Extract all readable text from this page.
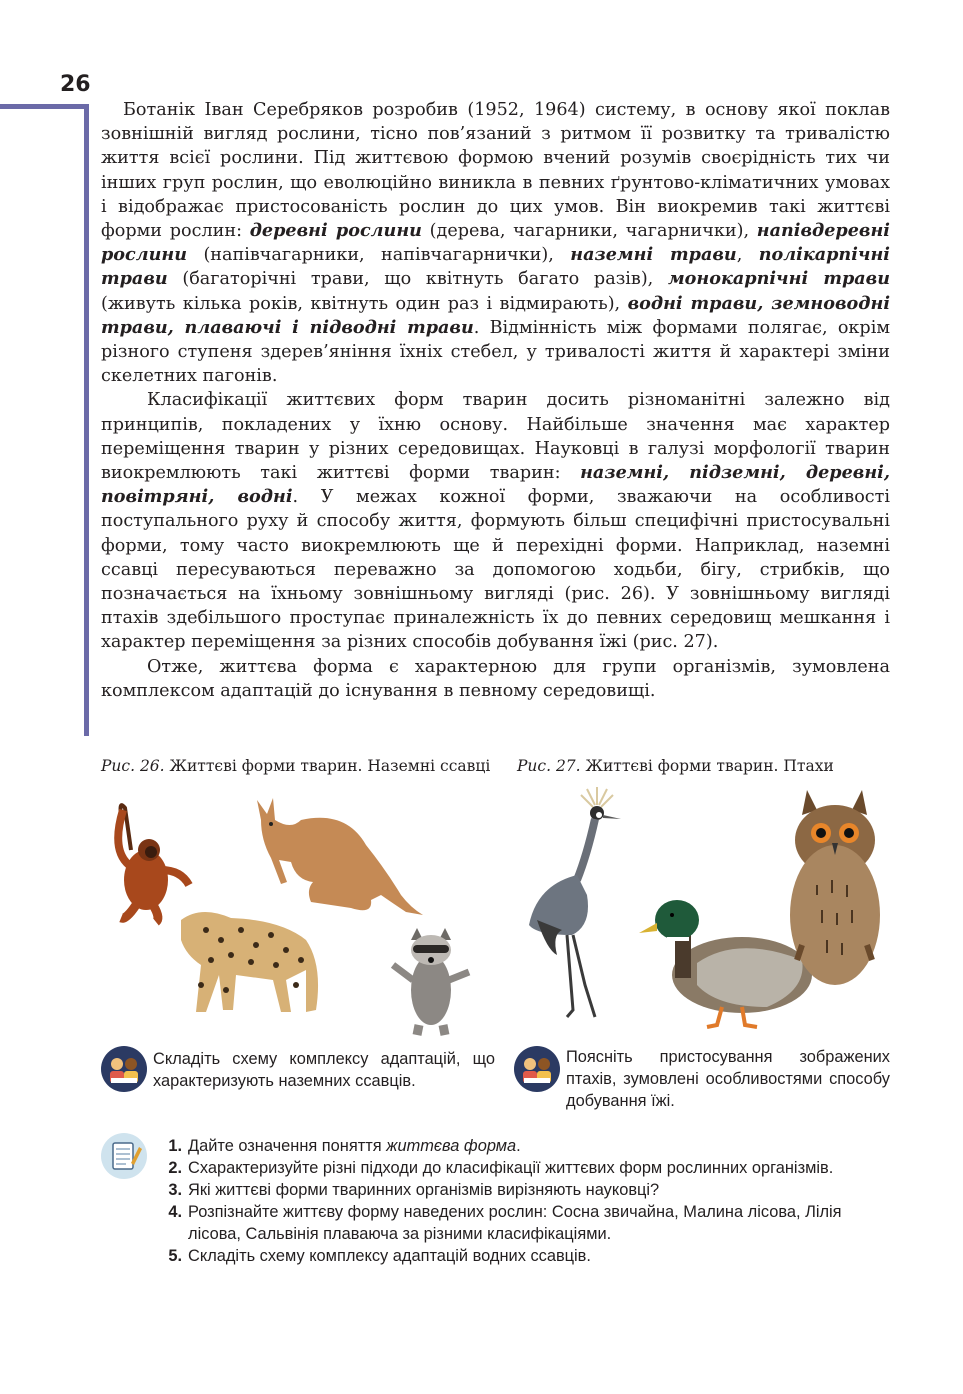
26

Ботанік Іван Серебряков розробив (1952, 1964) систему, в основу якої поклав зовнішній вигляд рослини, тісно пов’язаний з ритмом її розвитку та тривалістю життя всієї рослини. Під життєвою формою вчений розумів своєрідність тих чи інших груп рослин, що еволюційно виникла в певних ґрунтово-кліматичних умовах і відображає пристосованість рослин до цих умов. Він виокремив такі життєві форми рослин: деревні рослини (дерева, чагарники, чагарнички), напівдеревні рослини (напівчагарники, напівчагарнички), наземні трави, полікарпічні трави (багаторічні трави, що квітнуть багато разів), монокарпічні трави (живуть кілька років, квітнуть один раз і відмирають), водні трави, земноводні трави, плаваючі і підводні трави. Відмінність між формами полягає, окрім різного ступеня здерев’яніння їхніх стебел, у тривалості життя й характері зміни скелетних пагонів.

Класифікації життєвих форм тварин досить різноманітні залежно від принципів, покладених у їхню основу. Найбільше значення має характер переміщення тварин у різних середовищах. Науковці в галузі морфології тварин виокремлюють такі життєві форми тварин: наземні, підземні, деревні, повітряні, водні. У межах кожної форми, зважаючи на особливості поступального руху й способу життя, формують більш специфічні пристосувальні форми, тому часто виокремлюють ще й перехідні форми. Наприклад, наземні ссавці пересуваються переважно за допомогою ходьби, бігу, стрибків, що позначається на їхньому зовнішньому вигляді (рис. 26). У зовнішньому вигляді птахів здебільшого проступає приналежність їх до певних середовищ мешкання і характер переміщення за різних способів добування їжі (рис. 27).

Отже, життєва форма є характерною для групи організмів, зумовлена комплексом адаптацій до існування в певному середовищі.

Рис. 26. Життєві форми тварин. Наземні ссавці	Рис. 27. Життєві форми тварин. Птахи
Складіть схему комплексу адаптацій, що характеризують наземних ссавців.
Поясніть пристосування зображених птахів, зумовлені особливостями способу добування їжі.
1. Дайте означення поняття життєва форма.
2. Схарактеризуйте різні підходи до класифікації життєвих форм рослинних організмів.
3. Які життєві форми тваринних організмів вирізняють науковці?
4. Розпізнайте життєву форму наведених рослин: Сосна звичайна, Малина лісова, Лілія лісова, Сальвінія плаваюча за різними класифікаціями.
5. Складіть схему комплексу адаптацій водних ссавців.
